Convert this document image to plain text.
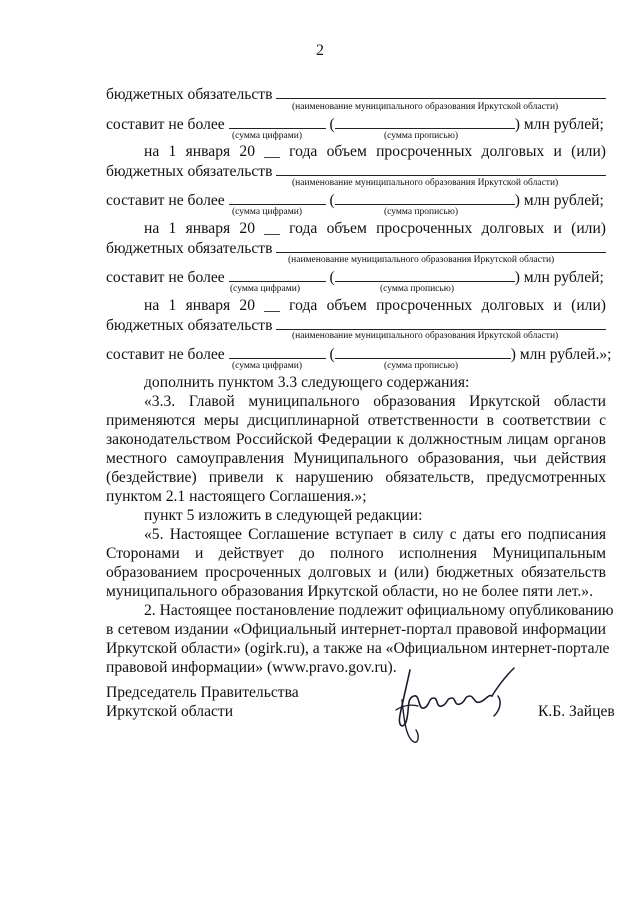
2
бюджетных обязательств
(наименование муниципального образования Иркутской области)
составит не более	(	) млн рублей;
(сумма цифрами)	(сумма прописью)
на 1 января 20 __ года объем просроченных долговых и (или)
бюджетных обязательств
(наименование муниципального образования Иркутской области)
составит не более	(	) млн рублей;
(сумма цифрами)	(сумма прописью)
на 1 января 20 __ года объем просроченных долговых и (или)
бюджетных обязательств
(наименование муниципального образования Иркутской области)
составит не более	(	) млн рублей;
(сумма цифрами)	(сумма прописью)
на 1 января 20 __ года объем просроченных долговых и (или)
бюджетных обязательств
(наименование муниципального образования Иркутской области)
составит не более	(	) млн рублей.»;
(сумма цифрами)	(сумма прописью)
дополнить пунктом 3.3 следующего содержания:
«3.3. Главой муниципального образования Иркутской области
применяются меры дисциплинарной ответственности в соответствии с
законодательством Российской Федерации к должностным лицам органов
местного самоуправления Муниципального образования, чьи действия
(бездействие) привели к нарушению обязательств, предусмотренных
пунктом 2.1 настоящего Соглашения.»;
пункт 5 изложить в следующей редакции:
«5. Настоящее Соглашение вступает в силу с даты его подписания
Сторонами и действует до полного исполнения Муниципальным
образованием просроченных долговых и (или) бюджетных обязательств
муниципального образования Иркутской области, но не более пяти лет.».
2. Настоящее постановление подлежит официальному опубликованию
в сетевом издании «Официальный интернет-портал правовой информации
Иркутской области» (ogirk.ru), а также на «Официальном интернет-портале
правовой информации» (www.pravo.gov.ru).
Председатель Правительства
Иркутской области	К.Б. Зайцев
